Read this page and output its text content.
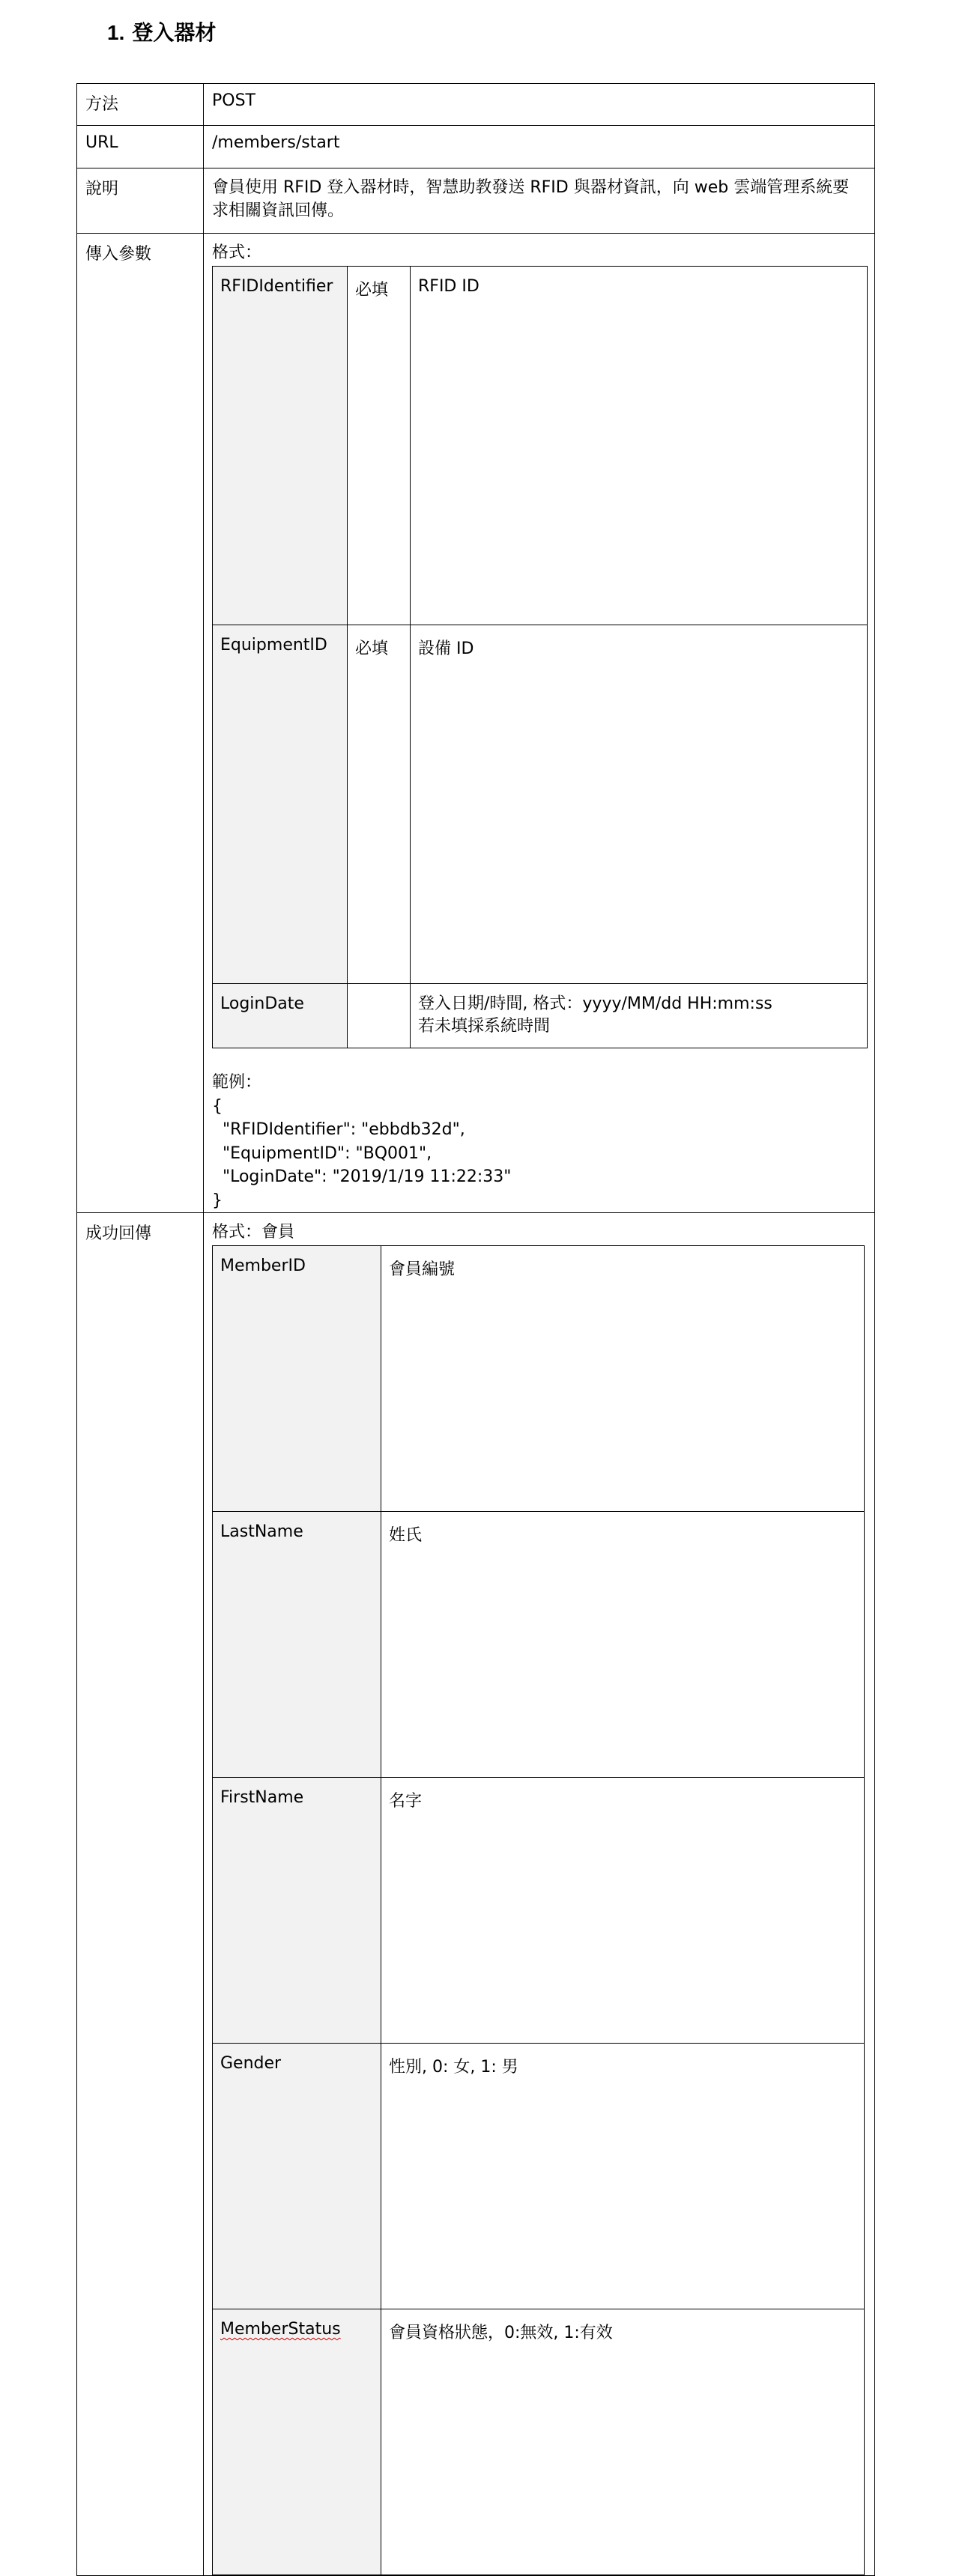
1. 登入器材
方法	POST
URL	/members/start
說明	會員使用 RFID 登入器材時，智慧助教發送 RFID 與器材資訊，向 web 雲端管理系統要求相關資訊回傳。
傳入參數	格式：
RFIDIdentifier	必填	RFID ID
EquipmentID	必填	設備 ID
LoginDate		登入日期/時間, 格式：yyyy/MM/dd HH:mm:ss
若未填採系統時間
範例：
{
"RFIDIdentifier": "ebbdb32d",
"EquipmentID": "BQ001",
"LoginDate": "2019/1/19 11:22:33"
}

成功回傳	格式：會員
MemberID	會員編號
LastName	姓氏
FirstName	名字
Gender	性別, 0: 女, 1: 男
MemberStatus	會員資格狀態，0:無效, 1:有效
